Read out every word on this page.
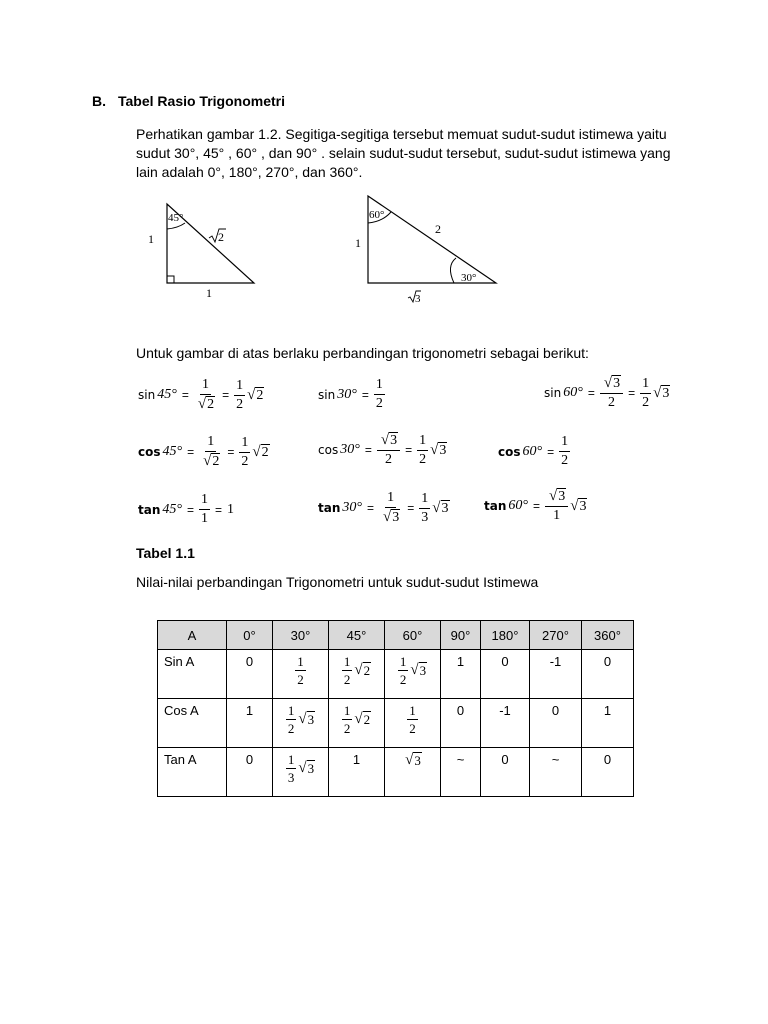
B. Tabel Rasio Trigonometri

Perhatikan gambar 1.2. Segitiga-segitiga tersebut memuat sudut-sudut istimewa yaitu

sudut 30°, 45° , 60° , dan 90° . selain sudut-sudut tersebut, sudut-sudut istimewa yang

lain adalah 0°, 180°, 270°, dan 360°.

45°
1
1
2
60°
2
1
30°
3
Untuk gambar di atas berlaku perbandingan trigonometri sebagai berikut:
$\sin 45^\circ = \frac{1}{√ 2} = \frac{1}{2}$ √ 2	$\sin 30^\circ = \frac{1}{2}$	$\sin 60^\circ = \frac{√ 3}{2} = \frac{1}{2}$ √ 3
$\cos 45^\circ = \frac{1}{√ 2} = \frac{1}{2}$ √ 2	$\cos 30^\circ = \frac{√ 3}{2} = \frac{1}{2}$ √ 3	$\cos 60^\circ = \frac{1}{2}$
$\tan 45^\circ = \frac{1}{1} = 1$	$\tan 30^\circ = \frac{1}{√ 3} = \frac{1}{3}$ √ 3	$\tan 60^\circ = \frac{√ 3}{1}$ √ 3
Tabel 1.1
Nilai-nilai perbandingan Trigonometri untuk sudut-sudut Istimewa
A	0°	30°	45°	60°	90°	180°	270°	360°
Sin A	0	$\frac{1}{2}$	$\frac{1}{2}$ √ 2	$\frac{1}{2}$ √ 3	1	0	-1	0
Cos A	1	$\frac{1}{2}$ √ 3	$\frac{1}{2}$ √ 2	$\frac{1}{2}$	0	-1	0	1
Tan A	0	$\frac{1}{3}$ √ 3	1	√ 3	~	0	~	0
